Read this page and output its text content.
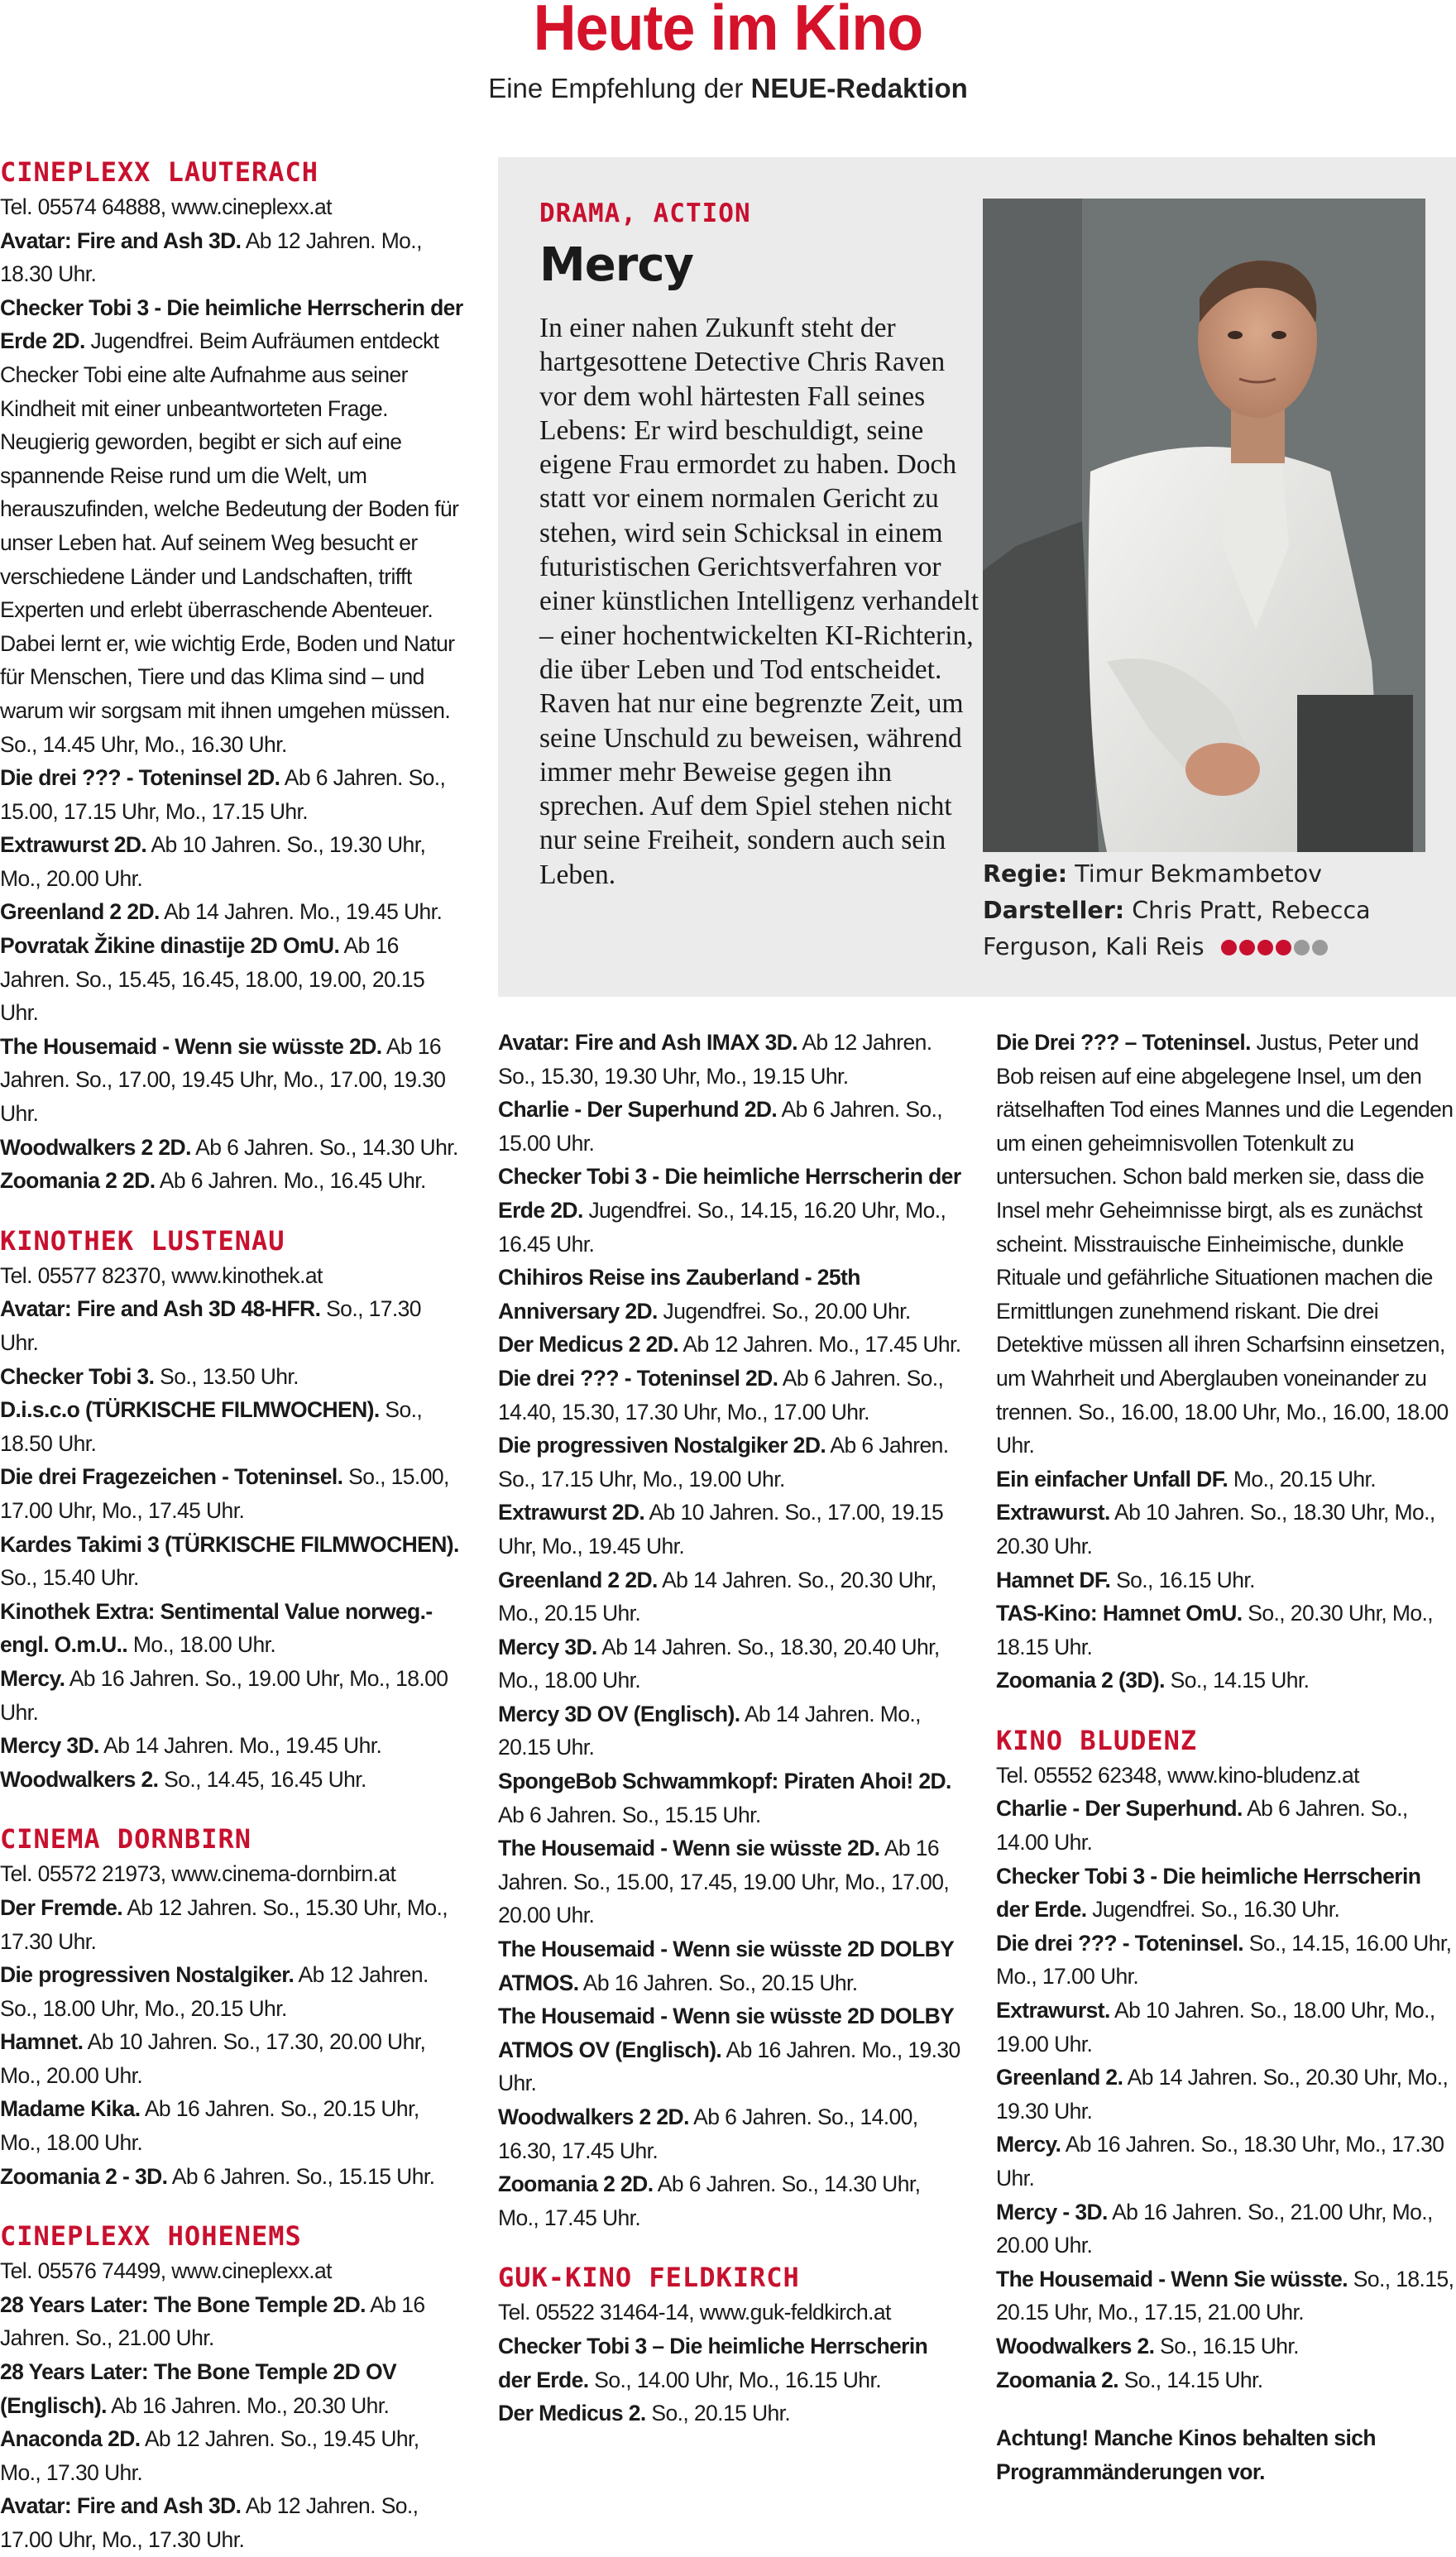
Heute im Kino
Eine Empfehlung der NEUE-Redaktion
CINEPLEXX LAUTERACH
Tel. 05574 64888, www.cineplexx.at
Avatar: Fire and Ash 3D. Ab 12 Jahren. Mo., 18.30 Uhr.
Checker Tobi 3 - Die heimliche Herrscherin der Erde 2D. Jugendfrei. Beim Aufräumen entdeckt Checker Tobi eine alte Aufnahme aus seiner Kindheit mit einer unbeantworteten Frage. Neugierig geworden, begibt er sich auf eine spannende Reise rund um die Welt, um herauszufinden, welche Bedeutung der Boden für unser Leben hat. Auf seinem Weg besucht er verschiedene Länder und Landschaften, trifft Experten und erlebt überraschende Abenteuer. Dabei lernt er, wie wichtig Erde, Boden und Natur für Menschen, Tiere und das Klima sind – und warum wir sorgsam mit ihnen umgehen müssen. So., 14.45 Uhr, Mo., 16.30 Uhr.
Die drei ??? - Toteninsel 2D. Ab 6 Jahren. So., 15.00, 17.15 Uhr, Mo., 17.15 Uhr.
Extrawurst 2D. Ab 10 Jahren. So., 19.30 Uhr, Mo., 20.00 Uhr.
Greenland 2 2D. Ab 14 Jahren. Mo., 19.45 Uhr.
Povratak Žikine dinastije 2D OmU. Ab 16 Jahren. So., 15.45, 16.45, 18.00, 19.00, 20.15 Uhr.
The Housemaid - Wenn sie wüsste 2D. Ab 16 Jahren. So., 17.00, 19.45 Uhr, Mo., 17.00, 19.30 Uhr.
Woodwalkers 2 2D. Ab 6 Jahren. So., 14.30 Uhr.
Zoomania 2 2D. Ab 6 Jahren. Mo., 16.45 Uhr.
KINOTHEK LUSTENAU
Tel. 05577 82370, www.kinothek.at
Avatar: Fire and Ash 3D 48-HFR. So., 17.30 Uhr.
Checker Tobi 3. So., 13.50 Uhr.
D.i.s.c.o (TÜRKISCHE FILMWOCHEN). So., 18.50 Uhr.
Die drei Fragezeichen - Toteninsel. So., 15.00, 17.00 Uhr, Mo., 17.45 Uhr.
Kardes Takimi 3 (TÜRKISCHE FILMWOCHEN). So., 15.40 Uhr.
Kinothek Extra: Sentimental Value norweg.-engl. O.m.U.. Mo., 18.00 Uhr.
Mercy. Ab 16 Jahren. So., 19.00 Uhr, Mo., 18.00 Uhr.
Mercy 3D. Ab 14 Jahren. Mo., 19.45 Uhr.
Woodwalkers 2. So., 14.45, 16.45 Uhr.
CINEMA DORNBIRN
Tel. 05572 21973, www.cinema-dornbirn.at
Der Fremde. Ab 12 Jahren. So., 15.30 Uhr, Mo., 17.30 Uhr.
Die progressiven Nostalgiker. Ab 12 Jahren. So., 18.00 Uhr, Mo., 20.15 Uhr.
Hamnet. Ab 10 Jahren. So., 17.30, 20.00 Uhr, Mo., 20.00 Uhr.
Madame Kika. Ab 16 Jahren. So., 20.15 Uhr, Mo., 18.00 Uhr.
Zoomania 2 - 3D. Ab 6 Jahren. So., 15.15 Uhr.
CINEPLEXX HOHENEMS
Tel. 05576 74499, www.cineplexx.at
28 Years Later: The Bone Temple 2D. Ab 16 Jahren. So., 21.00 Uhr.
28 Years Later: The Bone Temple 2D OV (Englisch). Ab 16 Jahren. Mo., 20.30 Uhr.
Anaconda 2D. Ab 12 Jahren. So., 19.45 Uhr, Mo., 17.30 Uhr.
Avatar: Fire and Ash 3D. Ab 12 Jahren. So., 17.00 Uhr, Mo., 17.30 Uhr.
Avatar: Fire and Ash IMAX 3D. Ab 12 Jahren. So., 15.30, 19.30 Uhr, Mo., 19.15 Uhr.
Charlie - Der Superhund 2D. Ab 6 Jahren. So., 15.00 Uhr.
Checker Tobi 3 - Die heimliche Herrscherin der Erde 2D. Jugendfrei. So., 14.15, 16.20 Uhr, Mo., 16.45 Uhr.
Chihiros Reise ins Zauberland - 25th Anniversary 2D. Jugendfrei. So., 20.00 Uhr.
Der Medicus 2 2D. Ab 12 Jahren. Mo., 17.45 Uhr.
Die drei ??? - Toteninsel 2D. Ab 6 Jahren. So., 14.40, 15.30, 17.30 Uhr, Mo., 17.00 Uhr.
Die progressiven Nostalgiker 2D. Ab 6 Jahren. So., 17.15 Uhr, Mo., 19.00 Uhr.
Extrawurst 2D. Ab 10 Jahren. So., 17.00, 19.15 Uhr, Mo., 19.45 Uhr.
Greenland 2 2D. Ab 14 Jahren. So., 20.30 Uhr, Mo., 20.15 Uhr.
Mercy 3D. Ab 14 Jahren. So., 18.30, 20.40 Uhr, Mo., 18.00 Uhr.
Mercy 3D OV (Englisch). Ab 14 Jahren. Mo., 20.15 Uhr.
SpongeBob Schwammkopf: Piraten Ahoi! 2D. Ab 6 Jahren. So., 15.15 Uhr.
The Housemaid - Wenn sie wüsste 2D. Ab 16 Jahren. So., 15.00, 17.45, 19.00 Uhr, Mo., 17.00, 20.00 Uhr.
The Housemaid - Wenn sie wüsste 2D DOLBY ATMOS. Ab 16 Jahren. So., 20.15 Uhr.
The Housemaid - Wenn sie wüsste 2D DOLBY ATMOS OV (Englisch). Ab 16 Jahren. Mo., 19.30 Uhr.
Woodwalkers 2 2D. Ab 6 Jahren. So., 14.00, 16.30, 17.45 Uhr.
Zoomania 2 2D. Ab 6 Jahren. So., 14.30 Uhr, Mo., 17.45 Uhr.
GUK-KINO FELDKIRCH
Tel. 05522 31464-14, www.guk-feldkirch.at
Checker Tobi 3 – Die heimliche Herrscherin der Erde. So., 14.00 Uhr, Mo., 16.15 Uhr.
Der Medicus 2. So., 20.15 Uhr.
Die Drei ??? – Toteninsel. Justus, Peter und Bob reisen auf eine abgelegene Insel, um den rätselhaften Tod eines Mannes und die Legenden um einen geheimnisvollen Totenkult zu untersuchen. Schon bald merken sie, dass die Insel mehr Geheimnisse birgt, als es zunächst scheint. Misstrauische Einheimische, dunkle Rituale und gefährliche Situationen machen die Ermittlungen zunehmend riskant. Die drei Detektive müssen all ihren Scharfsinn einsetzen, um Wahrheit und Aberglauben voneinander zu trennen. So., 16.00, 18.00 Uhr, Mo., 16.00, 18.00 Uhr.
Ein einfacher Unfall DF. Mo., 20.15 Uhr.
Extrawurst. Ab 10 Jahren. So., 18.30 Uhr, Mo., 20.30 Uhr.
Hamnet DF. So., 16.15 Uhr.
TAS-Kino: Hamnet OmU. So., 20.30 Uhr, Mo., 18.15 Uhr.
Zoomania 2 (3D). So., 14.15 Uhr.
KINO BLUDENZ
Tel. 05552 62348, www.kino-bludenz.at
Charlie - Der Superhund. Ab 6 Jahren. So., 14.00 Uhr.
Checker Tobi 3 - Die heimliche Herrscherin der Erde. Jugendfrei. So., 16.30 Uhr.
Die drei ??? - Toteninsel. So., 14.15, 16.00 Uhr, Mo., 17.00 Uhr.
Extrawurst. Ab 10 Jahren. So., 18.00 Uhr, Mo., 19.00 Uhr.
Greenland 2. Ab 14 Jahren. So., 20.30 Uhr, Mo., 19.30 Uhr.
Mercy. Ab 16 Jahren. So., 18.30 Uhr, Mo., 17.30 Uhr.
Mercy - 3D. Ab 16 Jahren. So., 21.00 Uhr, Mo., 20.00 Uhr.
The Housemaid - Wenn Sie wüsste. So., 18.15, 20.15 Uhr, Mo., 17.15, 21.00 Uhr.
Woodwalkers 2. So., 16.15 Uhr.
Zoomania 2. So., 14.15 Uhr.
Achtung! Manche Kinos behalten sich Programmänderungen vor.
DRAMA, ACTION
Mercy
In einer nahen Zukunft steht der hartgesottene Detective Chris Raven vor dem wohl härtesten Fall seines Lebens: Er wird beschuldigt, seine eigene Frau ermordet zu haben. Doch statt vor einem normalen Gericht zu stehen, wird sein Schicksal in einem futuristischen Gerichtsverfahren vor einer künstlichen Intelligenz verhandelt – einer hochentwickelten KI-Richterin, die über Leben und Tod entscheidet. Raven hat nur eine begrenzte Zeit, um seine Unschuld zu beweisen, während immer mehr Beweise gegen ihn sprechen. Auf dem Spiel stehen nicht nur seine Freiheit, sondern auch sein Leben.	Regie: Timur Bekmambetov
Darsteller: Chris Pratt, Rebecca Ferguson, Kali Reis
